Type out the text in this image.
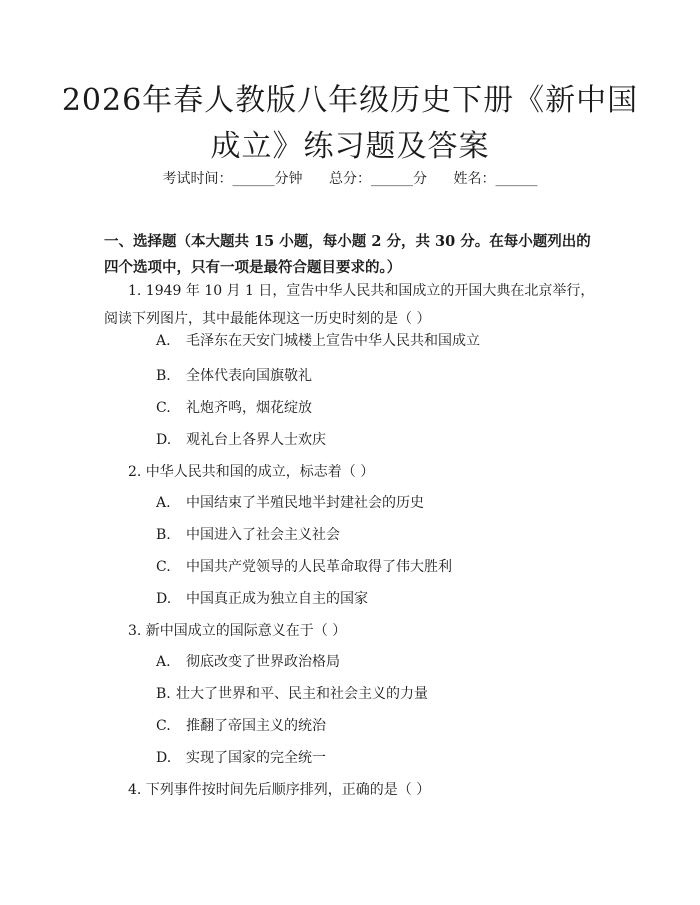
2026年春人教版八年级历史下册《新中国成立》练习题及答案
考试时间：______分钟 总分：______分 姓名：______

一、选择题（本大题共 15 小题，每小题 2 分，共 30 分。在每小题列出的四个选项中，只有一项是最符合题目要求的。）

1. 1949 年 10 月 1 日，宣告中华人民共和国成立的开国大典在北京举行，阅读下列图片，其中最能体现这一历史时刻的是（ ）

A. 毛泽东在天安门城楼上宣告中华人民共和国成立
B. 全体代表向国旗敬礼
C. 礼炮齐鸣，烟花绽放
D. 观礼台上各界人士欢庆

2. 中华人民共和国的成立，标志着（ ）

A. 中国结束了半殖民地半封建社会的历史
B. 中国进入了社会主义社会
C. 中国共产党领导的人民革命取得了伟大胜利
D. 中国真正成为独立自主的国家

3. 新中国成立的国际意义在于（ ）

A. 彻底改变了世界政治格局
B. 壮大了世界和平、民主和社会主义的力量
C. 推翻了帝国主义的统治
D. 实现了国家的完全统一

4. 下列事件按时间先后顺序排列，正确的是（ ）
